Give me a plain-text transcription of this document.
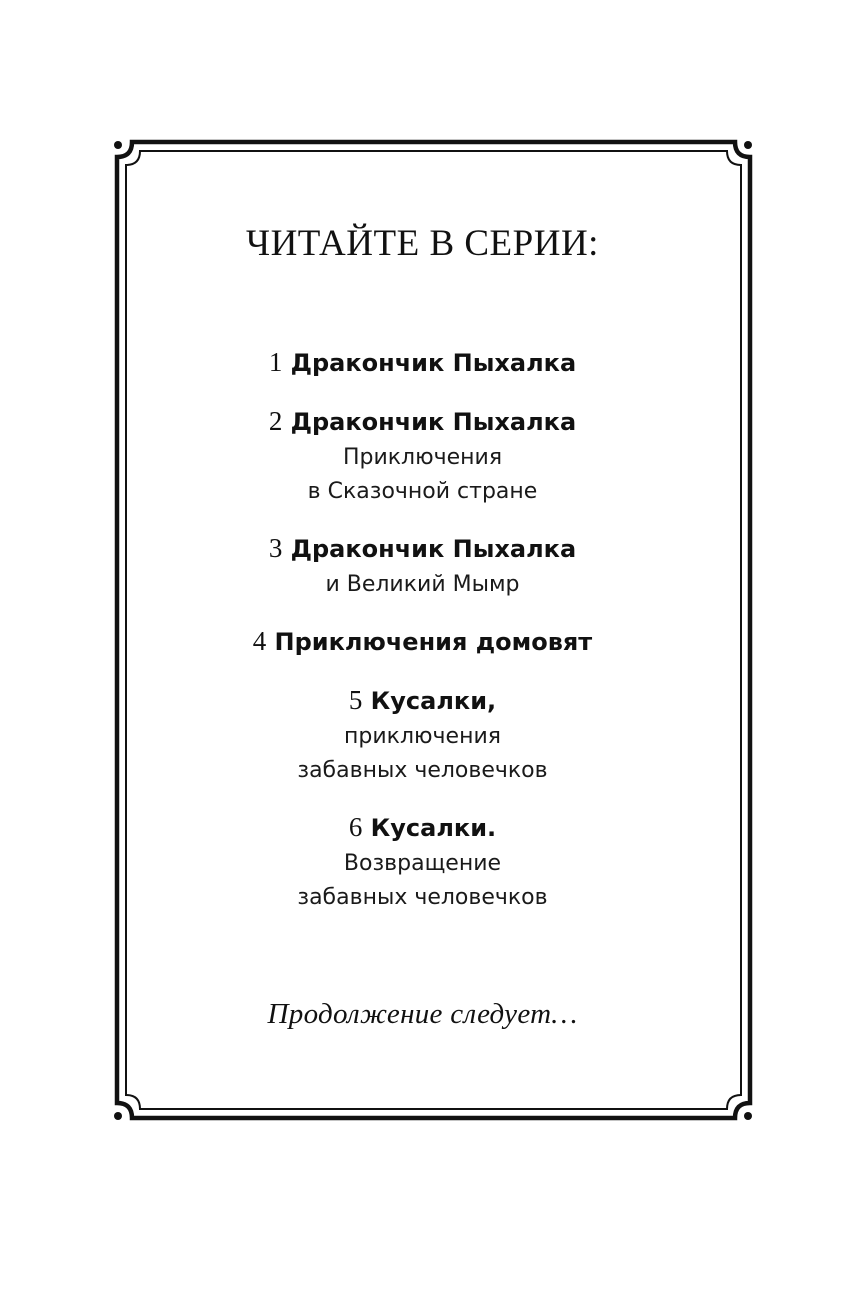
ЧИТАЙТЕ В СЕРИИ:
1 Дракончик Пыхалка
2 Дракончик Пыхалка
Приключения
в Сказочной стране
3 Дракончик Пыхалка
и Великий Мымр
4 Приключения домовят
5 Кусалки,
приключения
забавных человечков
6 Кусалки.
Возвращение
забавных человечков
Продолжение следует…
